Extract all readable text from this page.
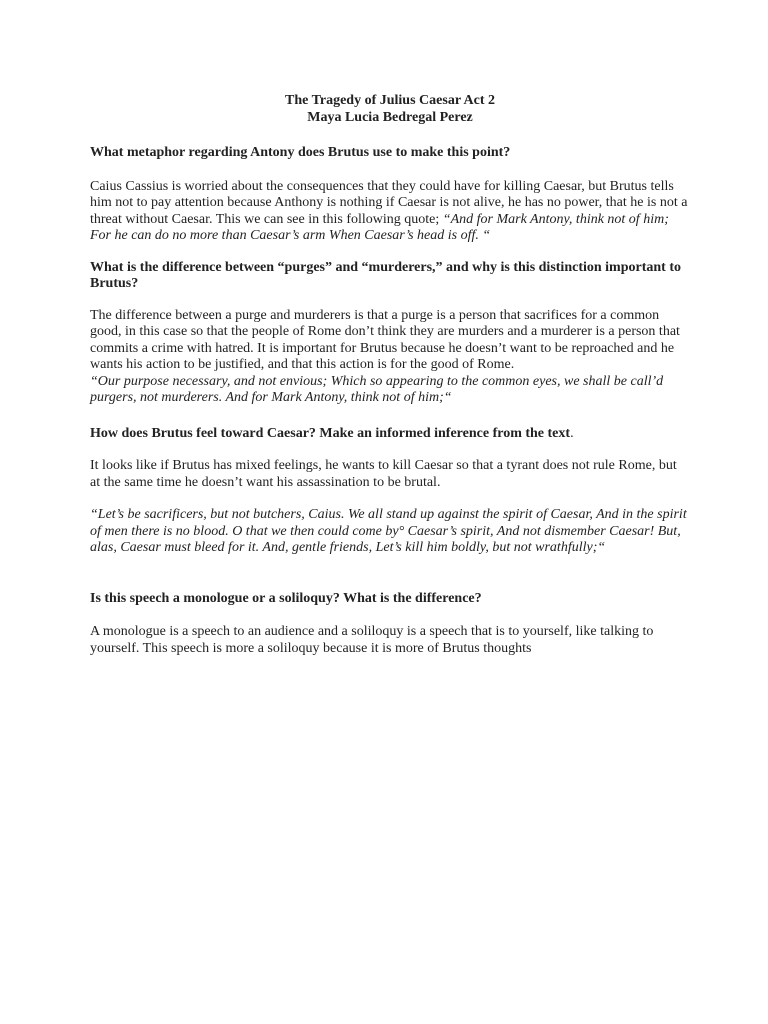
The Tragedy of Julius Caesar Act 2

Maya Lucia Bedregal Perez

What metaphor regarding Antony does Brutus use to make this point?

Caius Cassius is worried about the consequences that they could have for killing Caesar, but Brutus tells him not to pay attention because Anthony is nothing if Caesar is not alive, he has no power, that he is not a threat without Caesar. This we can see in this following quote; “And for Mark Antony, think not of him; For he can do no more than Caesar’s arm When Caesar’s head is off. “

What is the difference between “purges” and “murderers,” and why is this distinction important to Brutus?

The difference between a purge and murderers is that a purge is a person that sacrifices for a common good, in this case so that the people of Rome don’t think they are murders and a murderer is a person that commits a crime with hatred. It is important for Brutus because he doesn’t want to be reproached and he wants his action to be justified, and that this action is for the good of Rome.

“Our purpose necessary, and not envious; Which so appearing to the common eyes, we shall be call’d purgers, not murderers. And for Mark Antony, think not of him;“

How does Brutus feel toward Caesar? Make an informed inference from the text.

It looks like if Brutus has mixed feelings, he wants to kill Caesar so that a tyrant does not rule Rome, but at the same time he doesn’t want his assassination to be brutal.

“Let’s be sacrificers, but not butchers, Caius. We all stand up against the spirit of Caesar, And in the spirit of men there is no blood. O that we then could come by° Caesar’s spirit, And not dismember Caesar! But, alas, Caesar must bleed for it. And, gentle friends, Let’s kill him boldly, but not wrathfully;“

Is this speech a monologue or a soliloquy? What is the difference?

A monologue is a speech to an audience and a soliloquy is a speech that is to yourself, like talking to yourself. This speech is more a soliloquy because it is more of Brutus thoughts
